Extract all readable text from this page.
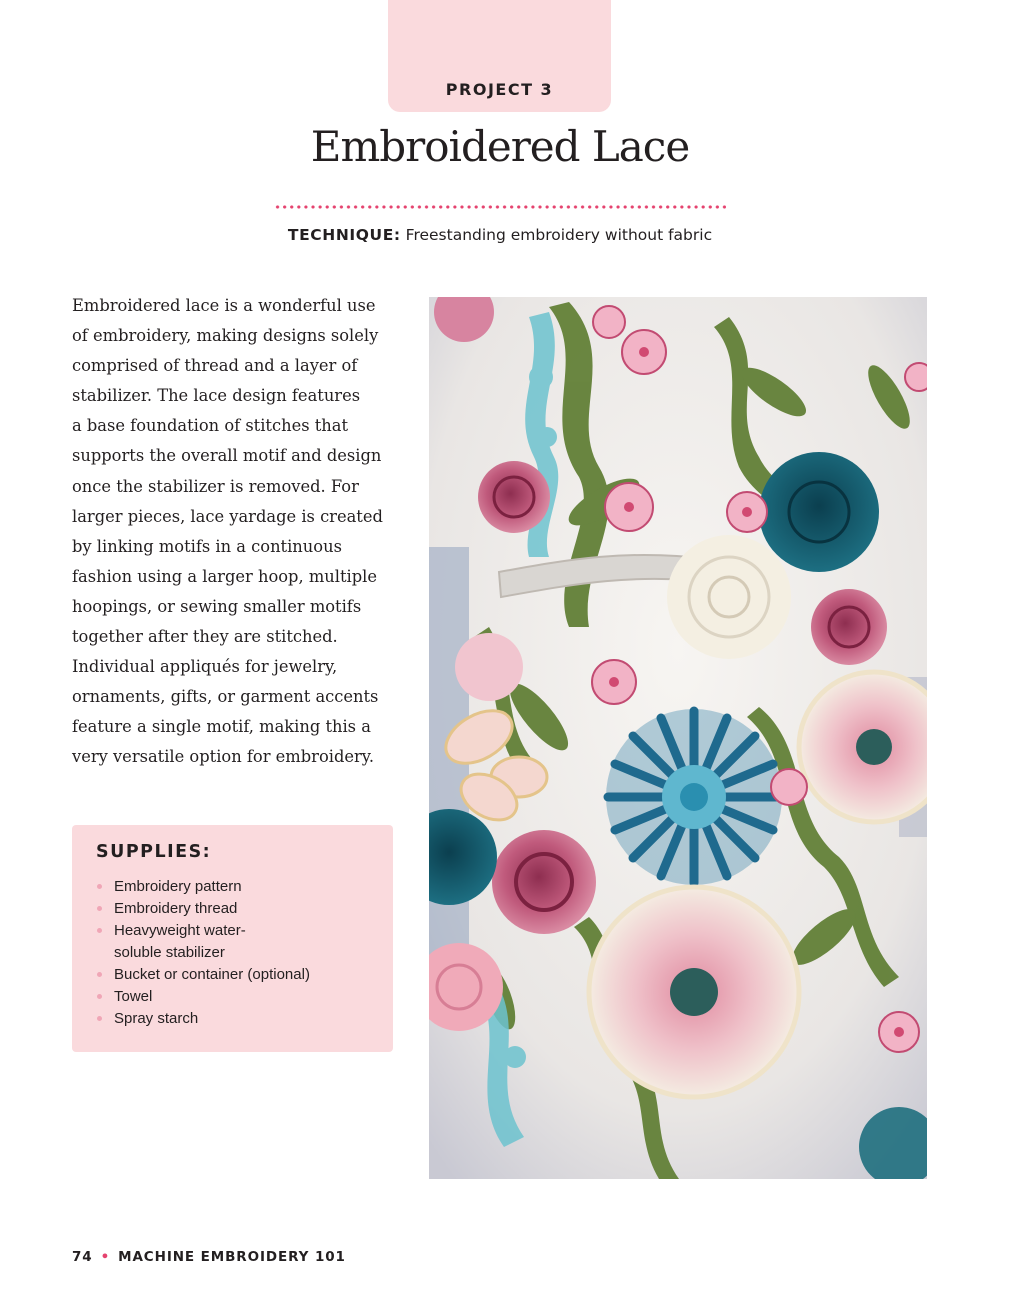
PROJECT 3
Embroidered Lace
TECHNIQUE: Freestanding embroidery without fabric

Embroidered lace is a wonderful use
of embroidery, making designs solely
comprised of thread and a layer of
stabilizer. The lace design features
a base foundation of stitches that
supports the overall motif and design
once the stabilizer is removed. For
larger pieces, lace yardage is created
by linking motifs in a continuous
fashion using a larger hoop, multiple
hoopings, or sewing smaller motifs
together after they are stitched.
Individual appliqués for jewelry,
ornaments, gifts, or garment accents
feature a single motif, making this a
very versatile option for embroidery.

SUPPLIES:
Embroidery pattern
Embroidery thread
Heavyweight water-
soluble stabilizer
Bucket or container (optional)
Towel
Spray starch
74 • MACHINE EMBROIDERY 101
